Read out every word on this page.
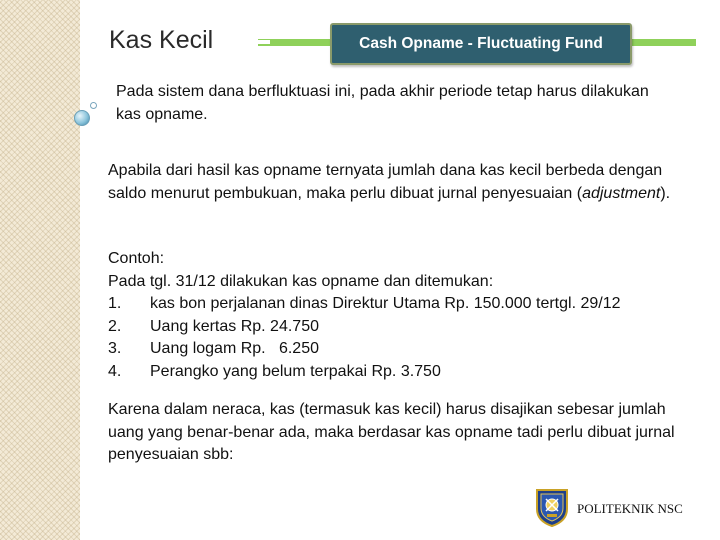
Kas Kecil	Cash Opname - Fluctuating Fund

Pada sistem dana berfluktuasi ini, pada akhir periode tetap harus dilakukan kas opname.

Apabila dari hasil kas opname ternyata jumlah dana kas kecil berbeda dengan saldo menurut pembukuan, maka perlu dibuat jurnal penyesuaian (adjustment).

Contoh:
Pada tgl. 31/12 dilakukan kas opname dan ditemukan:
1.	kas bon perjalanan dinas Direktur Utama Rp. 150.000 tertgl. 29/12
2.	Uang kertas Rp. 24.750
3.	Uang logam Rp.   6.250
4.	Perangko yang belum terpakai Rp. 3.750

Karena dalam neraca, kas (termasuk kas kecil) harus disajikan sebesar jumlah uang yang benar-benar ada, maka berdasar kas opname tadi perlu dibuat jurnal penyesuaian sbb:

POLITEKNIK NSC
